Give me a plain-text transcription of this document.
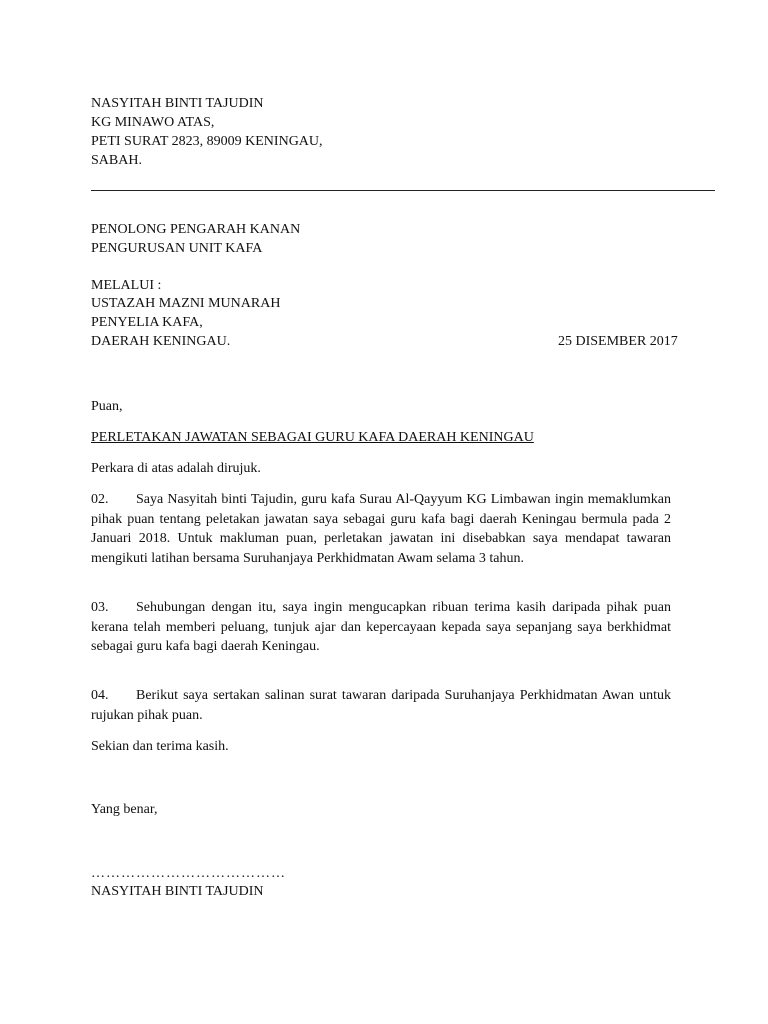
NASYITAH BINTI TAJUDIN
KG MINAWO ATAS,
PETI SURAT 2823, 89009 KENINGAU,
SABAH.
PENOLONG PENGARAH KANAN
PENGURUSAN UNIT KAFA
MELALUI :
USTAZAH MAZNI MUNARAH
PENYELIA KAFA,
DAERAH KENINGAU.	25 DISEMBER 2017
Puan,
PERLETAKAN JAWATAN SEBAGAI GURU KAFA DAERAH KENINGAU
Perkara di atas adalah dirujuk.
02. Saya Nasyitah binti Tajudin, guru kafa Surau Al-Qayyum KG Limbawan ingin memaklumkan pihak puan tentang peletakan jawatan saya sebagai guru kafa bagi daerah Keningau bermula pada 2 Januari 2018. Untuk makluman puan, perletakan jawatan ini disebabkan saya mendapat tawaran mengikuti latihan bersama Suruhanjaya Perkhidmatan Awam selama 3 tahun.
03. Sehubungan dengan itu, saya ingin mengucapkan ribuan terima kasih daripada pihak puan kerana telah memberi peluang, tunjuk ajar dan kepercayaan kepada saya sepanjang saya berkhidmat sebagai guru kafa bagi daerah Keningau.
04. Berikut saya sertakan salinan surat tawaran daripada Suruhanjaya Perkhidmatan Awan untuk rujukan pihak puan.
Sekian dan terima kasih.
Yang benar,
…………………………………
NASYITAH BINTI TAJUDIN
